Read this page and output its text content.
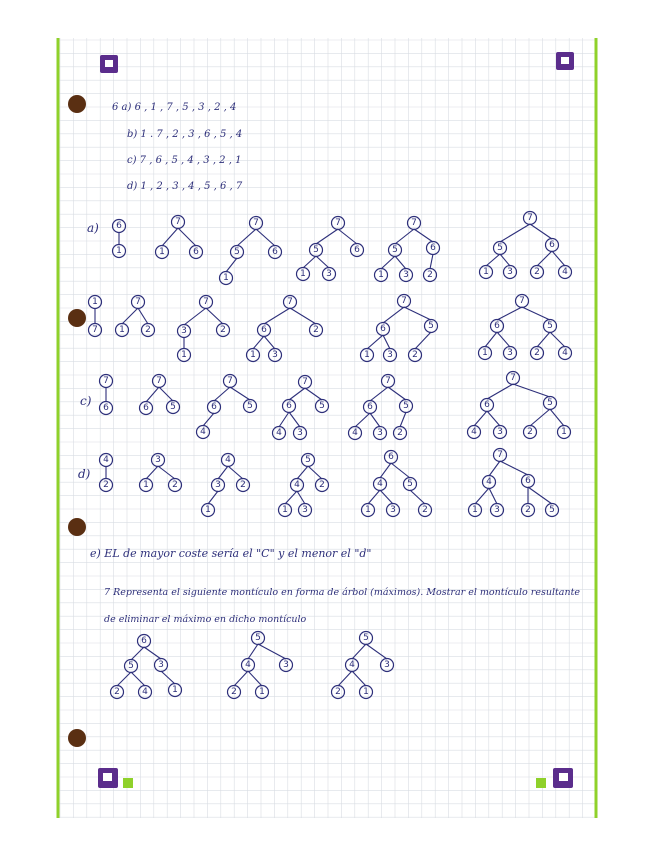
6 a) 6 , 1 , 7 , 5 , 3 , 2 , 4
b) 1 . 7 , 2 , 3 , 6 , 5 , 4
c) 7 , 6 , 5 , 4 , 3 , 2 , 1
d) 1 , 2 , 3 , 4 , 5 , 6 , 7
a)
c)
d)
6
1
7
1	6
7
5	6
1
7
5	6
1 3
7
5	6
1 3 2
7
5	6
1 3 2 4
1
7
7
1 2
7
3	2
1
7
6	2
1 3
7
6	5
1 3 2
7
6	5
1 3 2 4
7
6
7
6 5
7
6	5
4
7
6	5
4 3
7
6	5
4 3 2
7
6	5
4 3	2	1
4
2
3
1	2
4
3 2
1
5
4 2
1 3
6
4	5
1 3	2
7
4	6
1 3	2 5
6
5	3
2 4	1
5
4	3
2 1
5
4	3
2 1
e) EL de mayor coste sería el "C" y el menor el "d"
7 Representa el siguiente montículo en forma de árbol (máximos). Mostrar el montículo resultante
de eliminar el máximo en dicho montículo
